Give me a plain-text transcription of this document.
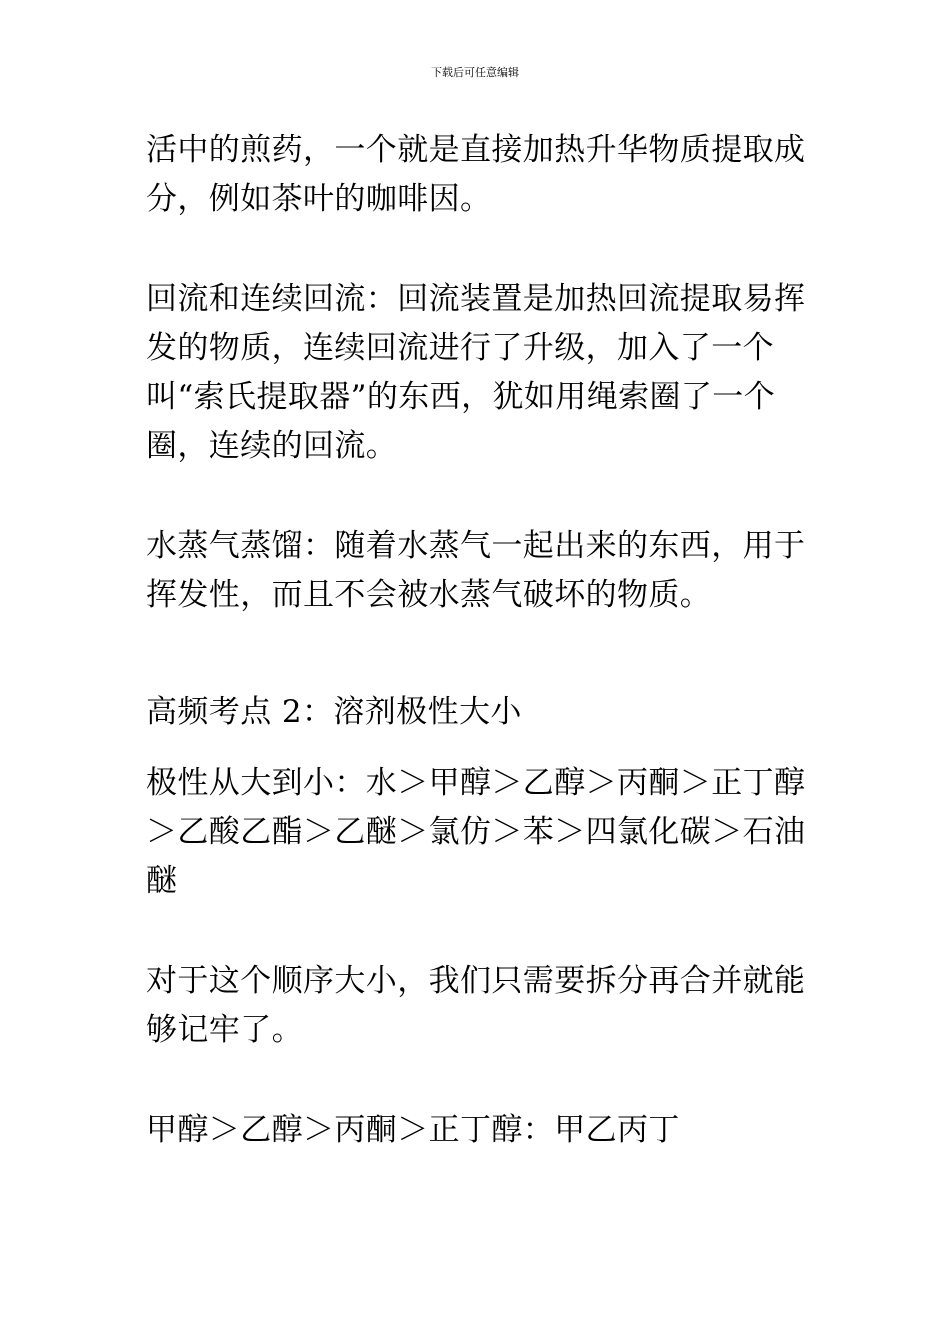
下载后可任意编辑

活中的煎药，一个就是直接加热升华物质提取成分，例如茶叶的咖啡因。

回流和连续回流：回流装置是加热回流提取易挥发的物质，连续回流进行了升级，加入了一个叫“索氏提取器”的东西，犹如用绳索圈了一个圈，连续的回流。

水蒸气蒸馏：随着水蒸气一起出来的东西，用于挥发性，而且不会被水蒸气破坏的物质。

高频考点 2：溶剂极性大小

极性从大到小：水＞甲醇＞乙醇＞丙酮＞正丁醇＞乙酸乙酯＞乙醚＞氯仿＞苯＞四氯化碳＞石油醚

对于这个顺序大小，我们只需要拆分再合并就能够记牢了。

甲醇＞乙醇＞丙酮＞正丁醇：甲乙丙丁
